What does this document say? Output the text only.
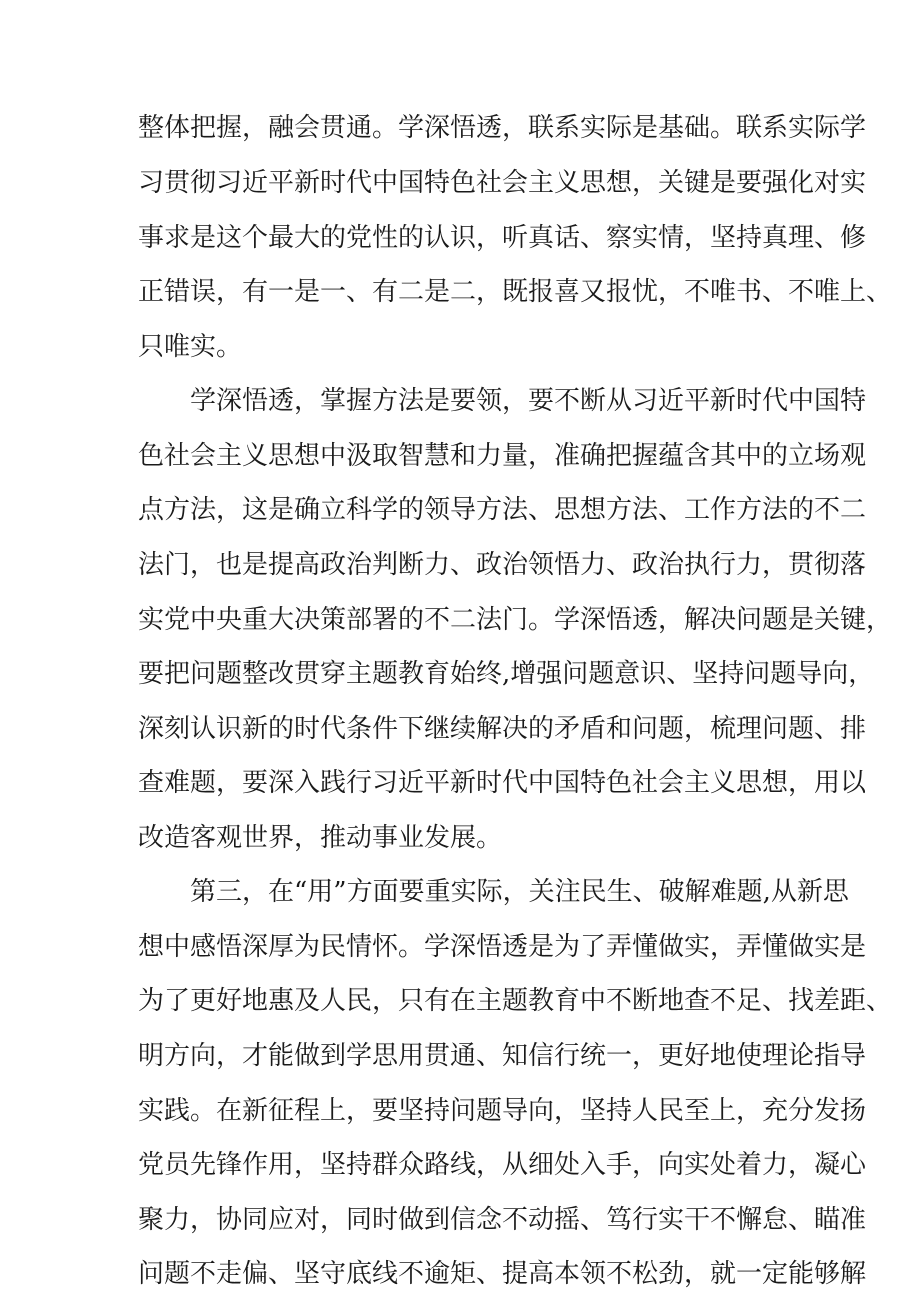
整体把握，融会贯通。学深悟透，联系实际是基础。联系实际学
习贯彻习近平新时代中国特色社会主义思想，关键是要强化对实
事求是这个最大的党性的认识，听真话、察实情，坚持真理、修
正错误，有一是一、有二是二，既报喜又报忧，不唯书、不唯上、
只唯实。
学深悟透，掌握方法是要领，要不断从习近平新时代中国特
色社会主义思想中汲取智慧和力量，准确把握蕴含其中的立场观
点方法，这是确立科学的领导方法、思想方法、工作方法的不二
法门，也是提高政治判断力、政治领悟力、政治执行力，贯彻落
实党中央重大决策部署的不二法门。学深悟透，解决问题是关键，
要把问题整改贯穿主题教育始终,增强问题意识、坚持问题导向，
深刻认识新的时代条件下继续解决的矛盾和问题，梳理问题、排
查难题，要深入践行习近平新时代中国特色社会主义思想，用以
改造客观世界，推动事业发展。
第三，在“用”方面要重实际，关注民生、破解难题,从新思
想中感悟深厚为民情怀。学深悟透是为了弄懂做实，弄懂做实是
为了更好地惠及人民，只有在主题教育中不断地查不足、找差距、
明方向，才能做到学思用贯通、知信行统一，更好地使理论指导
实践。在新征程上，要坚持问题导向，坚持人民至上，充分发扬
党员先锋作用，坚持群众路线，从细处入手，向实处着力，凝心
聚力，协同应对，同时做到信念不动摇、笃行实干不懈怠、瞄准
问题不走偏、坚守底线不逾矩、提高本领不松劲，就一定能够解
